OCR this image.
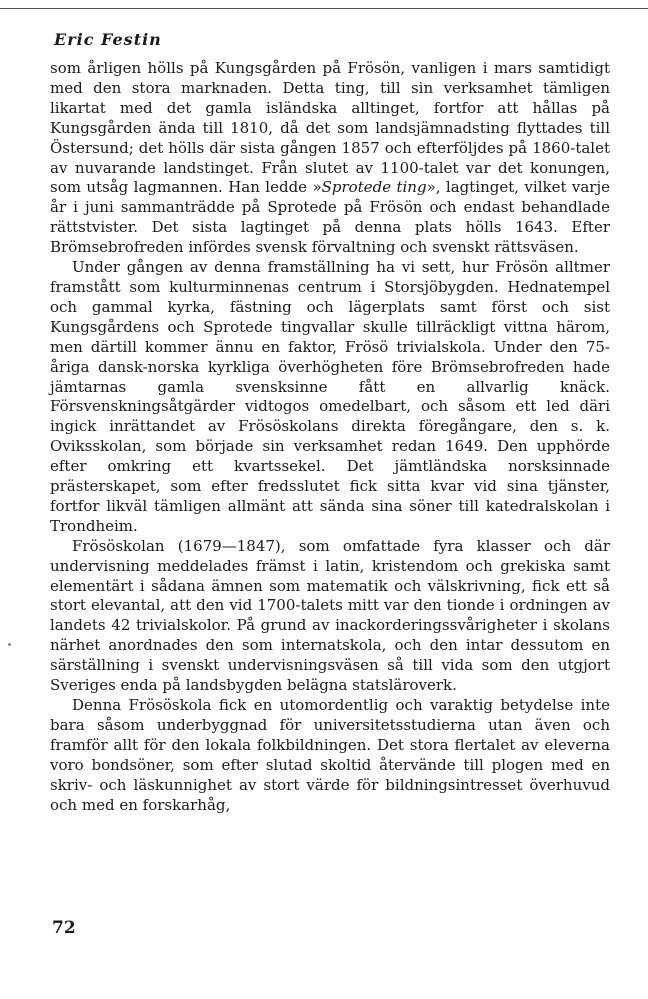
Eric Festin

som årligen hölls på Kungsgården på Frösön, vanligen i mars samtidigt med den stora marknaden. Detta ting, till sin verksamhet tämligen likartat med det gamla isländska alltinget, fortfor att hållas på Kungsgården ända till 1810, då det som landsjämnadsting flyttades till Östersund; det hölls där sista gången 1857 och efterföljdes på 1860-talet av nuvarande landstinget. Från slutet av 1100-talet var det konungen, som utsåg lagmannen. Han ledde »Sprotede ting», lagtinget, vilket varje år i juni sammanträdde på Sprotede på Frösön och endast behandlade rättstvister. Det sista lagtinget på denna plats hölls 1643. Efter Brömsebrofreden infördes svensk förvaltning och svenskt rättsväsen.

Under gången av denna framställning ha vi sett, hur Frösön alltmer framstått som kulturminnenas centrum i Storsjöbygden. Hednatempel och gammal kyrka, fästning och lägerplats samt först och sist Kungsgårdens och Sprotede tingvallar skulle tillräckligt vittna härom, men därtill kommer ännu en faktor, Frösö trivialskola. Under den 75-åriga dansk-norska kyrkliga överhögheten före Brömsebrofreden hade jämtarnas gamla svensksinne fått en allvarlig knäck. Försvenskningsåtgärder vidtogos omedelbart, och såsom ett led däri ingick inrättandet av Frösöskolans direkta föregångare, den s. k. Oviksskolan, som började sin verksamhet redan 1649. Den upphörde efter omkring ett kvartssekel. Det jämtländska norsksinnade prästerskapet, som efter fredsslutet fick sitta kvar vid sina tjänster, fortfor likväl tämligen allmänt att sända sina söner till katedralskolan i Trondheim.

Frösöskolan (1679—1847), som omfattade fyra klasser och där undervisning meddelades främst i latin, kristendom och grekiska samt elementärt i sådana ämnen som matematik och välskrivning, fick ett så stort elevantal, att den vid 1700-talets mitt var den tionde i ordningen av landets 42 trivialskolor. På grund av inackorderingssvårigheter i skolans närhet anordnades den som internatskola, och den intar dessutom en särställning i svenskt undervisningsväsen så till vida som den utgjort Sveriges enda på landsbygden belägna statsläroverk.

Denna Frösöskola fick en utomordentlig och varaktig betydelse inte bara såsom underbyggnad för universitetsstudierna utan även och framför allt för den lokala folkbildningen. Det stora flertalet av eleverna voro bondsöner, som efter slutad skoltid återvände till plogen med en skriv- och läskunnighet av stort värde för bildningsintresset överhuvud och med en forskarhåg,

72
